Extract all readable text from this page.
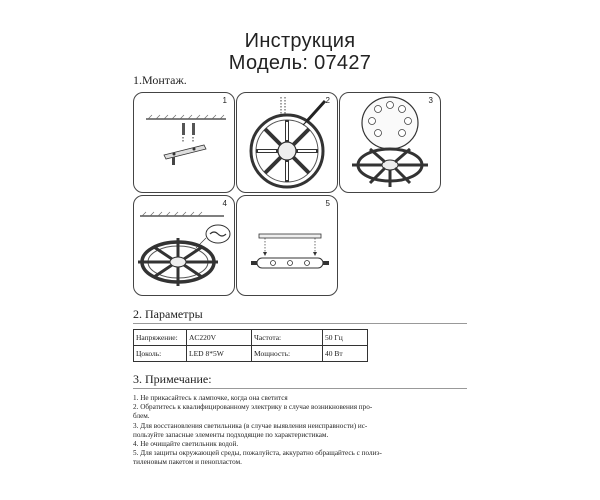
Инструкция
Модель: 07427
1.Монтаж.
1	2	3
4	5
2. Параметры
Напряжение:	AC220V	Частота:	50 Гц
Цоколь:	LED 8*5W	Мощность:	40 Вт
3. Примечание:
1. Не прикасайтесь к лампочке, когда она светится
2. Обратитесь к квалифицированному электрику в случае возникновения про-
блем.
3. Для восстановления светильника (в случае выявления неисправности) ис-
пользуйте запасные элементы подходящие по характеристикам.
4. Не очищайте светильник водой.
5. Для защиты окружающей среды, пожалуйста, аккуратно обращайтесь с полиэ-
тиленовым пакетом и пенопластом.
